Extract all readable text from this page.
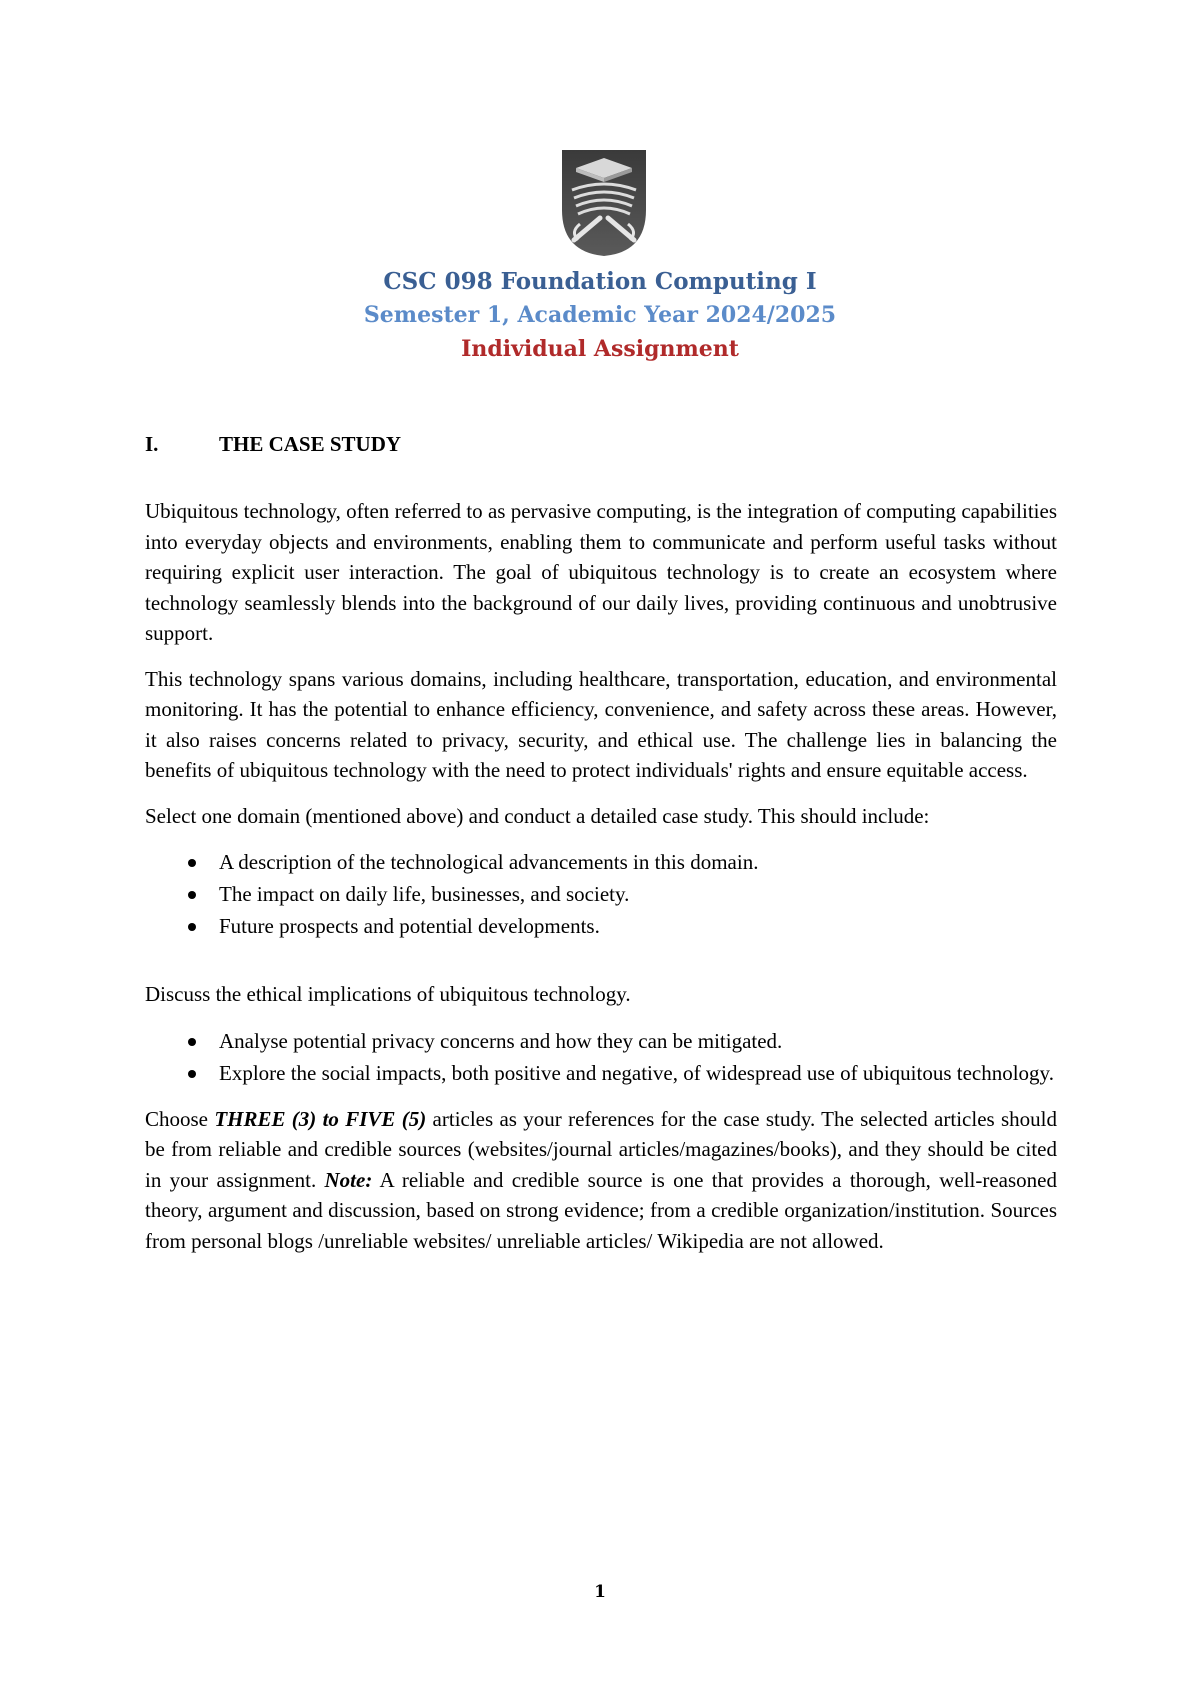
CSC 098 Foundation Computing I
Semester 1, Academic Year 2024/2025
Individual Assignment
I.	THE CASE STUDY

Ubiquitous technology, often referred to as pervasive computing, is the integration of computing capabilities into everyday objects and environments, enabling them to communicate and perform useful tasks without requiring explicit user interaction. The goal of ubiquitous technology is to create an ecosystem where technology seamlessly blends into the background of our daily lives, providing continuous and unobtrusive support.

This technology spans various domains, including healthcare, transportation, education, and environmental monitoring. It has the potential to enhance efficiency, convenience, and safety across these areas. However, it also raises concerns related to privacy, security, and ethical use. The challenge lies in balancing the benefits of ubiquitous technology with the need to protect individuals' rights and ensure equitable access.

Select one domain (mentioned above) and conduct a detailed case study. This should include:

A description of the technological advancements in this domain.
The impact on daily life, businesses, and society.
Future prospects and potential developments.

Discuss the ethical implications of ubiquitous technology.

Analyse potential privacy concerns and how they can be mitigated.
Explore the social impacts, both positive and negative, of widespread use of ubiquitous technology.

Choose THREE (3) to FIVE (5) articles as your references for the case study. The selected articles should be from reliable and credible sources (websites/journal articles/magazines/books), and they should be cited in your assignment. Note: A reliable and credible source is one that provides a thorough, well-reasoned theory, argument and discussion, based on strong evidence; from a credible organization/institution. Sources from personal blogs /unreliable websites/ unreliable articles/ Wikipedia are not allowed.

1
